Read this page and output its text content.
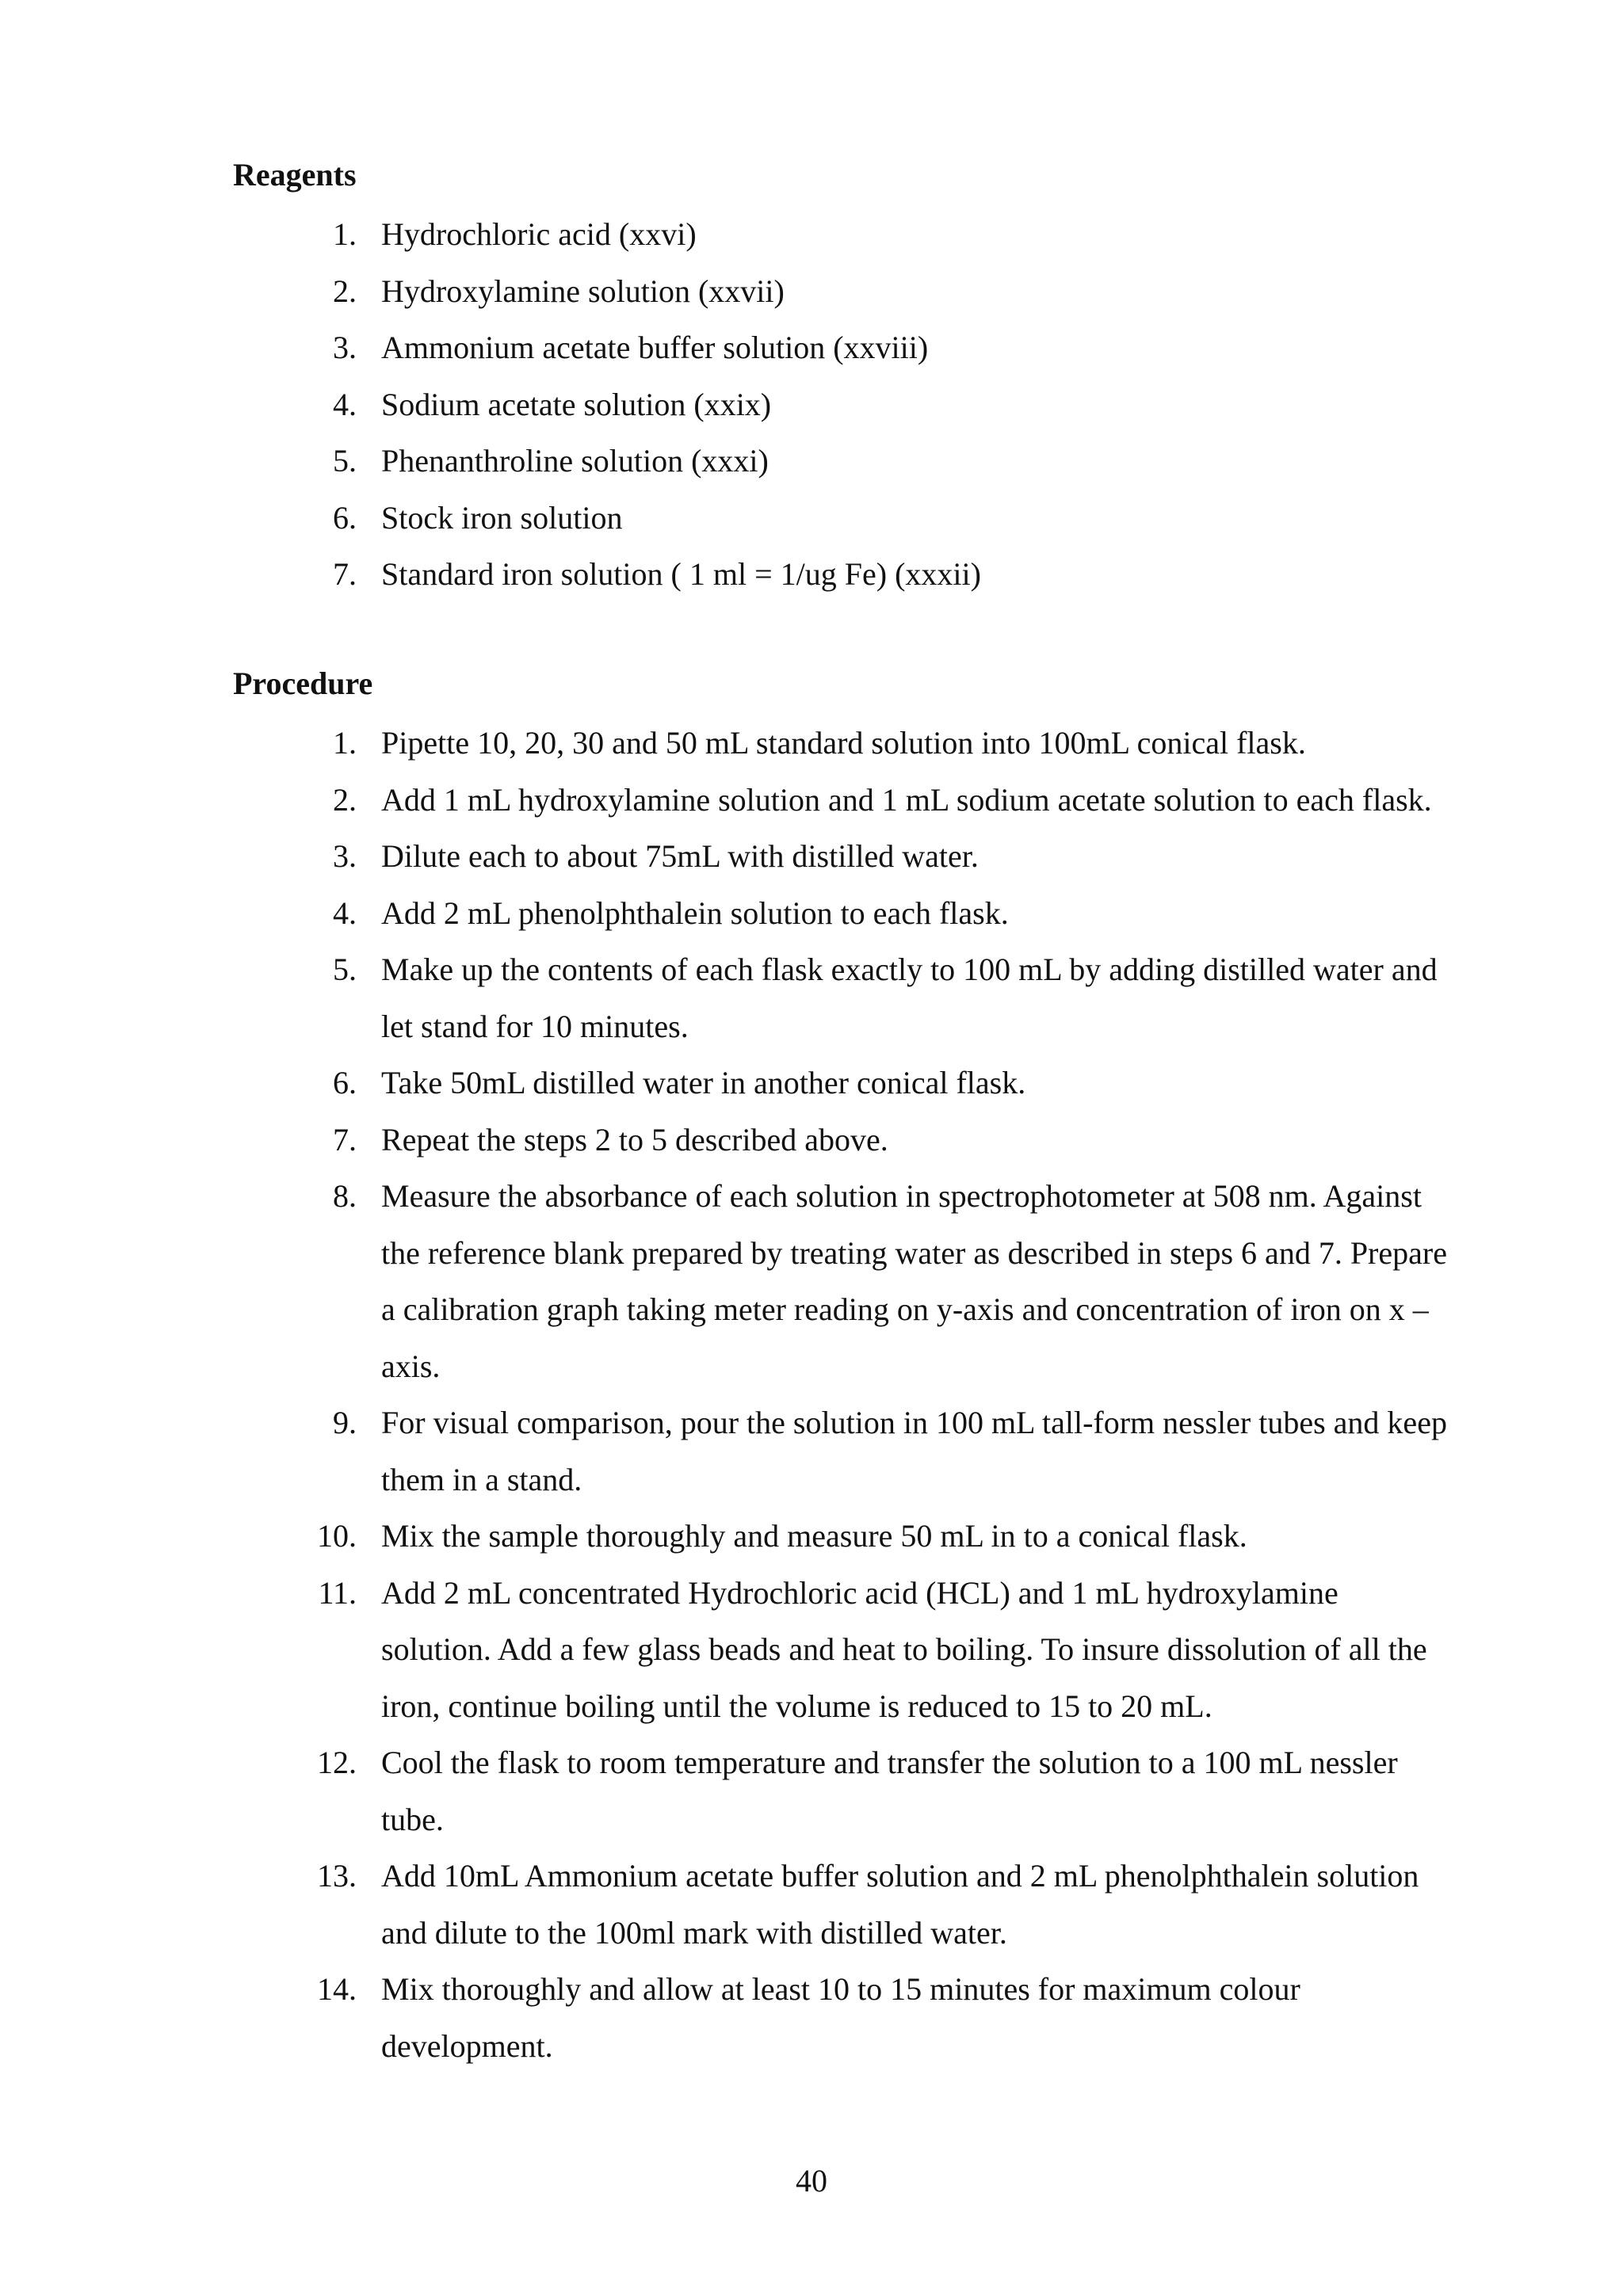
Reagents
1. Hydrochloric acid (xxvi)
2. Hydroxylamine solution (xxvii)
3. Ammonium acetate buffer solution (xxviii)
4. Sodium acetate solution (xxix)
5. Phenanthroline solution (xxxi)
6. Stock iron solution
7. Standard iron solution ( 1 ml = 1/ug Fe) (xxxii)
Procedure
1. Pipette 10, 20, 30 and 50 mL standard solution into 100mL conical flask.
2. Add 1 mL hydroxylamine solution and 1 mL sodium acetate solution to each flask.
3. Dilute each to about 75mL with distilled water.
4. Add 2 mL phenolphthalein solution to each flask.
5. Make up the contents of each flask exactly to 100 mL by adding distilled water and let stand for 10 minutes.
6. Take 50mL distilled water in another conical flask.
7. Repeat the steps 2 to 5 described above.
8. Measure the absorbance of each solution in spectrophotometer at 508 nm. Against the reference blank prepared by treating water as described in steps 6 and 7. Prepare a calibration graph taking meter reading on y-axis and concentration of iron on x – axis.
9. For visual comparison, pour the solution in 100 mL tall-form nessler tubes and keep them in a stand.
10. Mix the sample thoroughly and measure 50 mL in to a conical flask.
11. Add 2 mL concentrated Hydrochloric acid (HCL) and 1 mL hydroxylamine solution. Add a few glass beads and heat to boiling. To insure dissolution of all the iron, continue boiling until the volume is reduced to 15 to 20 mL.
12. Cool the flask to room temperature and transfer the solution to a 100 mL nessler tube.
13. Add 10mL Ammonium acetate buffer solution and 2 mL phenolphthalein solution and dilute to the 100ml mark with distilled water.
14. Mix thoroughly and allow at least 10 to 15 minutes for maximum colour development.
40
